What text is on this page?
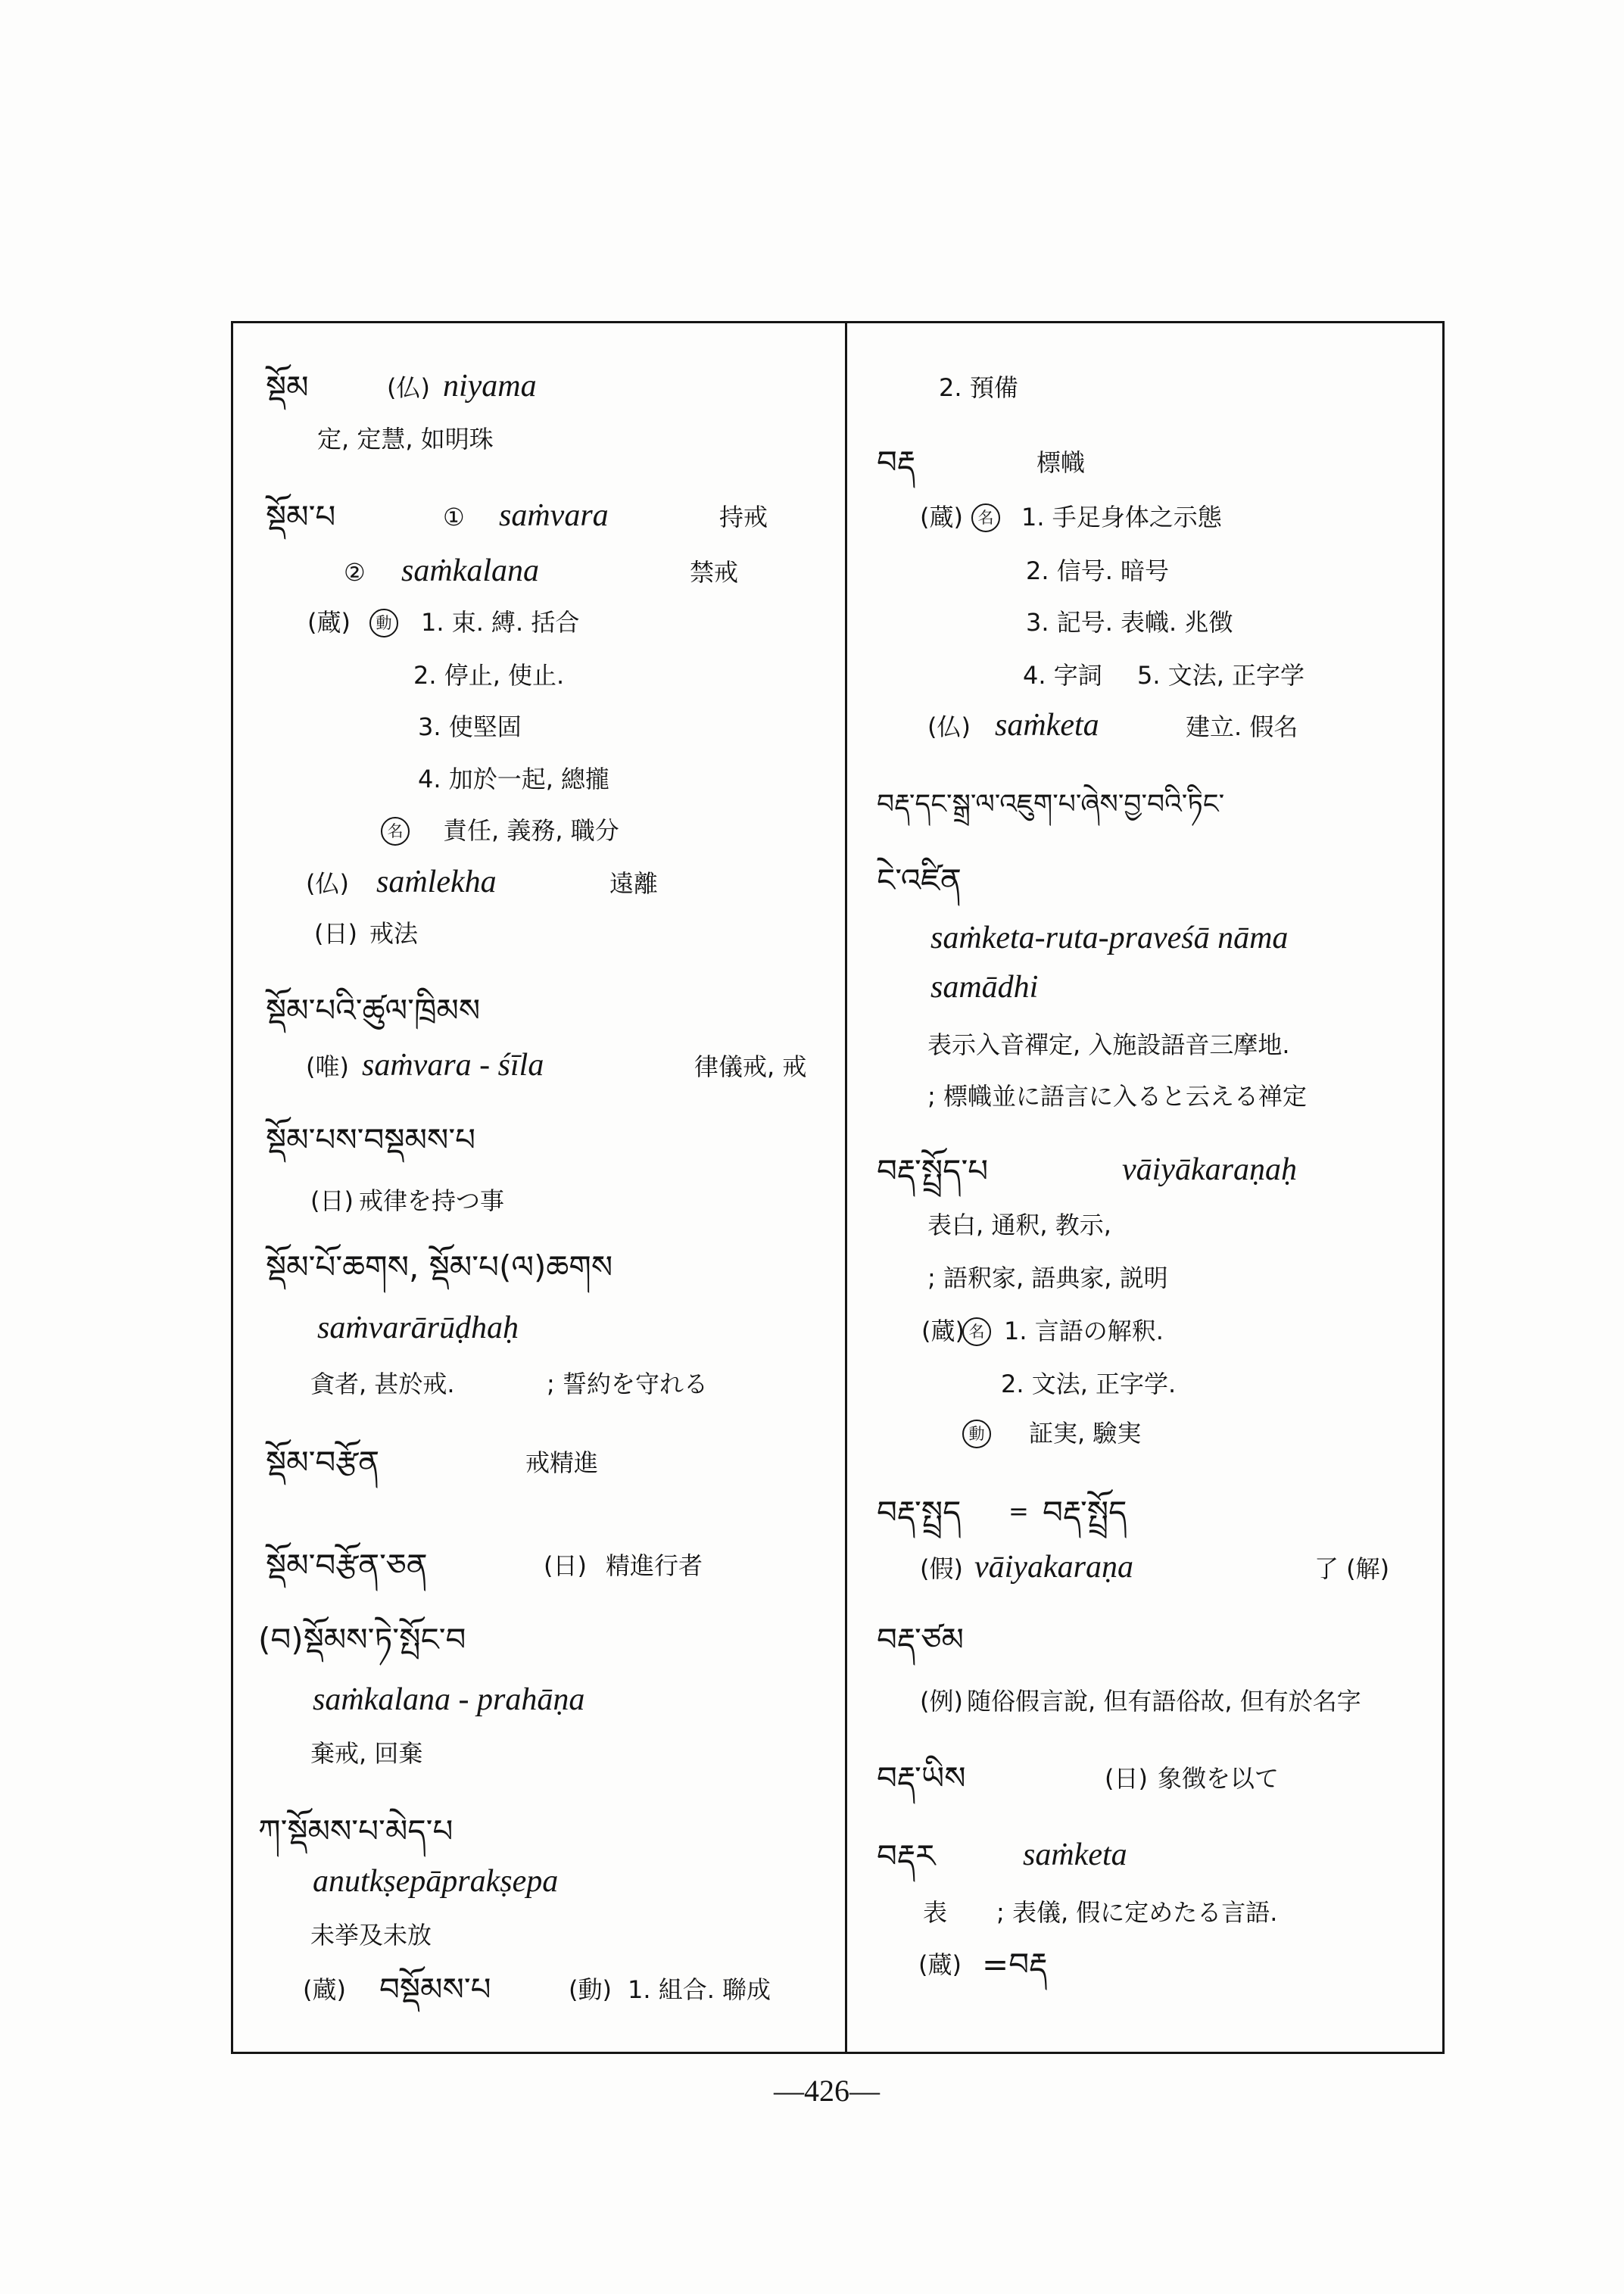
སྡོམ	(仏) niyama
定, 定慧, 如明珠
སྡོམ་པ	① saṁvara	持戒
② saṁkalana	禁戒
(蔵)	動 1. 束. 縛. 括合
2. 停止, 使止.
3. 使堅固
4. 加於一起, 總攏
名 責任, 義務, 職分
(仏) saṁlekha	遠離
(日) 戒法
སྡོམ་པའི་ཚུལ་ཁྲིམས
(唯) saṁvara - śīla	律儀戒, 戒
སྡོམ་པས་བསྡམས་པ
(日) 戒律を持つ事
སྡོམ་པོ་ཆགས, སྡོམ་པ(ལ)ཆགས
saṁvarārūḍhaḥ
貪者, 甚於戒.	; 誓約を守れる
སྡོམ་བརྩོན	戒精進
སྡོམ་བརྩོན་ཅན	(日) 精進行者
(བ)སྡོམས་ཏེ་སྤོང་བ
saṁkalana - prahāṇa
棄戒, 回棄
ཀ་སྡོམས་པ་མེད་པ
anutkṣepāprakṣepa
未挙及未放
(蔵) བསྡོམས་པ	(動) 1. 組合. 聯成
2. 預備
བརྡ	標幟
(蔵) 名 1. 手足身体之示態
2. 信号. 暗号
3. 記号. 表幟. 兆徴
4. 字詞 5. 文法, 正字学
(仏) saṁketa	建立. 假名
བརྡ་དང་སྒྲ་ལ་འཇུག་པ་ཞེས་བྱ་བའི་ཏིང་
ངེ་འཛིན
saṁketa-ruta-praveśā nāma
samādhi
表示入音禪定, 入施設語音三摩地.
; 標幟並に語言に入ると云える禅定
བརྡ་སྤྲོད་པ	vāiyākaraṇaḥ
表白, 通釈, 教示,
; 語釈家, 語典家, 説明
(蔵) 名 1. 言語の解釈.
2. 文法, 正字学.
動 証実, 驗実
བརྡ་སྤྲད = བརྡ་སྤྲོད
(假) vāiyakaraṇa	了 (解)
བརྡ་ཙམ
(例) 随俗假言說, 但有語俗故, 但有於名字
བརྡ་ཡིས	(日) 象徴を以て
བརྡར	saṁketa
表 ; 表儀, 假に定めたる言語.
(蔵) =བརྡ
—426—
